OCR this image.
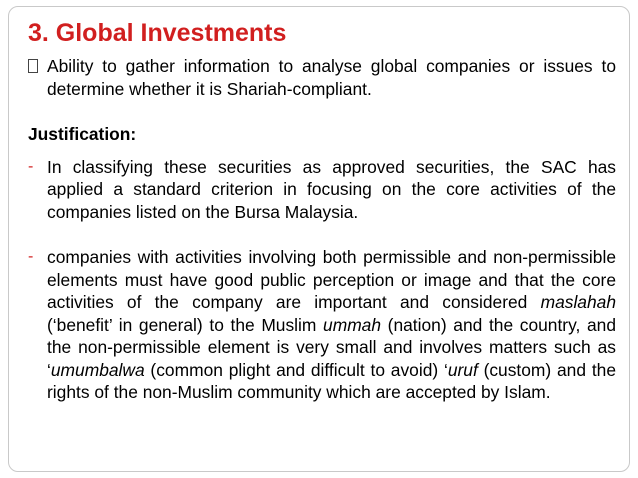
3. Global Investments
Ability to gather information to analyse global companies or issues to determine whether it is Shariah-compliant.
Justification:
- In classifying these securities as approved securities, the SAC has applied a standard criterion in focusing on the core activities of the companies listed on the Bursa Malaysia.
- companies with activities involving both permissible and non-permissible elements must have good public perception or image and that the core activities of the company are important and considered maslahah (‘benefit’ in general) to the Muslim ummah (nation) and the country, and the non-permissible element is very small and involves matters such as ‘umumbalwa (common plight and difficult to avoid) ‘uruf (custom) and the rights of the non-Muslim community which are accepted by Islam.
